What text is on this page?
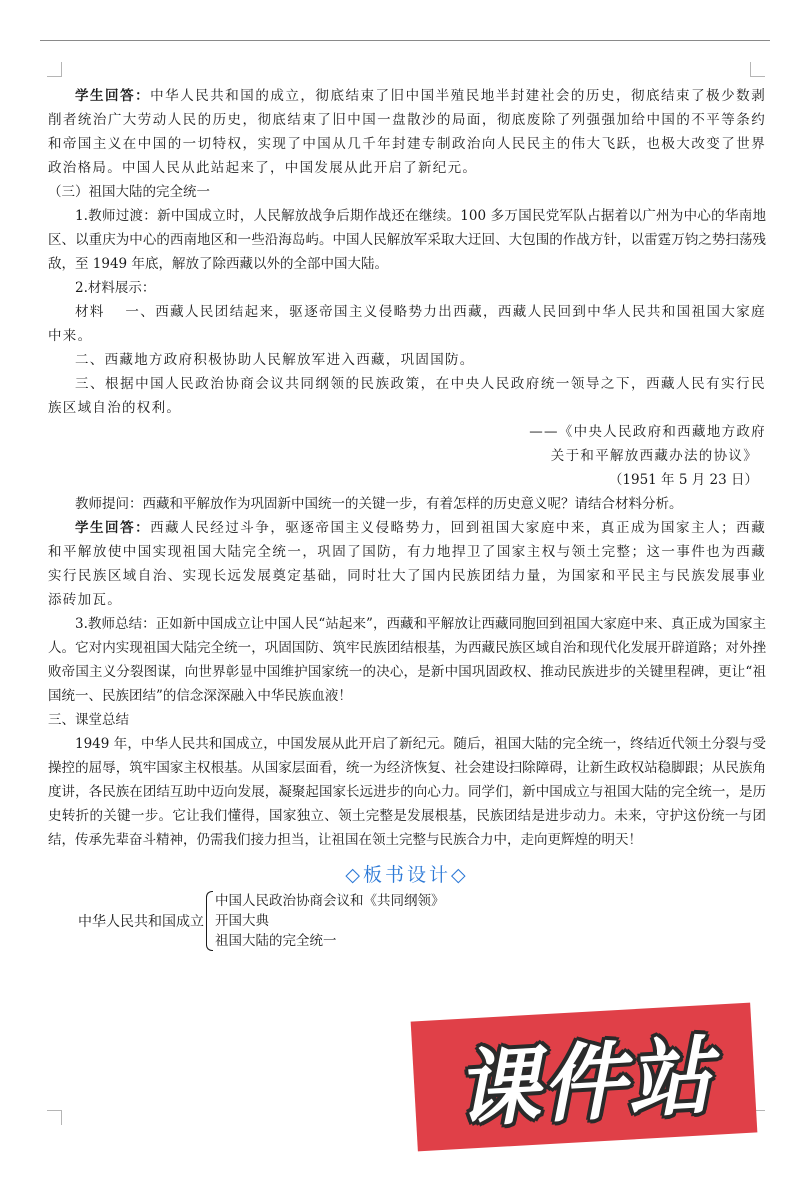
学生回答：中华人民共和国的成立，彻底结束了旧中国半殖民地半封建社会的历史，彻底结束了极少数剥削者统治广大劳动人民的历史，彻底结束了旧中国一盘散沙的局面，彻底废除了列强强加给中国的不平等条约和帝国主义在中国的一切特权，实现了中国从几千年封建专制政治向人民民主的伟大飞跃，也极大改变了世界政治格局。中国人民从此站起来了，中国发展从此开启了新纪元。

（三）祖国大陆的完全统一

1.教师过渡：新中国成立时，人民解放战争后期作战还在继续。100 多万国民党军队占据着以广州为中心的华南地区、以重庆为中心的西南地区和一些沿海岛屿。中国人民解放军采取大迂回、大包围的作战方针，以雷霆万钧之势扫荡残敌，至 1949 年底，解放了除西藏以外的全部中国大陆。

2.材料展示：

材料　 一、西藏人民团结起来，驱逐帝国主义侵略势力出西藏，西藏人民回到中华人民共和国祖国大家庭中来。

二、西藏地方政府积极协助人民解放军进入西藏，巩固国防。

三、根据中国人民政治协商会议共同纲领的民族政策，在中央人民政府统一领导之下，西藏人民有实行民族区域自治的权利。

——《中央人民政府和西藏地方政府

关于和平解放西藏办法的协议》

（1951 年 5 月 23 日）

教师提问：西藏和平解放作为巩固新中国统一的关键一步，有着怎样的历史意义呢？请结合材料分析。

学生回答：西藏人民经过斗争，驱逐帝国主义侵略势力，回到祖国大家庭中来，真正成为国家主人；西藏和平解放使中国实现祖国大陆完全统一，巩固了国防，有力地捍卫了国家主权与领土完整；这一事件也为西藏实行民族区域自治、实现长远发展奠定基础，同时壮大了国内民族团结力量，为国家和平民主与民族发展事业添砖加瓦。

3.教师总结：正如新中国成立让中国人民“站起来”，西藏和平解放让西藏同胞回到祖国大家庭中来、真正成为国家主人。它对内实现祖国大陆完全统一，巩固国防、筑牢民族团结根基，为西藏民族区域自治和现代化发展开辟道路；对外挫败帝国主义分裂图谋，向世界彰显中国维护国家统一的决心，是新中国巩固政权、推动民族进步的关键里程碑，更让“祖国统一、民族团结”的信念深深融入中华民族血液！

三、课堂总结

1949 年，中华人民共和国成立，中国发展从此开启了新纪元。随后，祖国大陆的完全统一，终结近代领土分裂与受操控的屈辱，筑牢国家主权根基。从国家层面看，统一为经济恢复、社会建设扫除障碍，让新生政权站稳脚跟；从民族角度讲，各民族在团结互助中迈向发展，凝聚起国家长远进步的向心力。同学们，新中国成立与祖国大陆的完全统一，是历史转折的关键一步。它让我们懂得，国家独立、领土完整是发展根基，民族团结是进步动力。未来，守护这份统一与团结，传承先辈奋斗精神，仍需我们接力担当，让祖国在领土完整与民族合力中，走向更辉煌的明天！

◇板书设计◇
中华人民共和国成立
中国人民政治协商会议和《共同纲领》
开国大典
祖国大陆的完全统一
课件站
